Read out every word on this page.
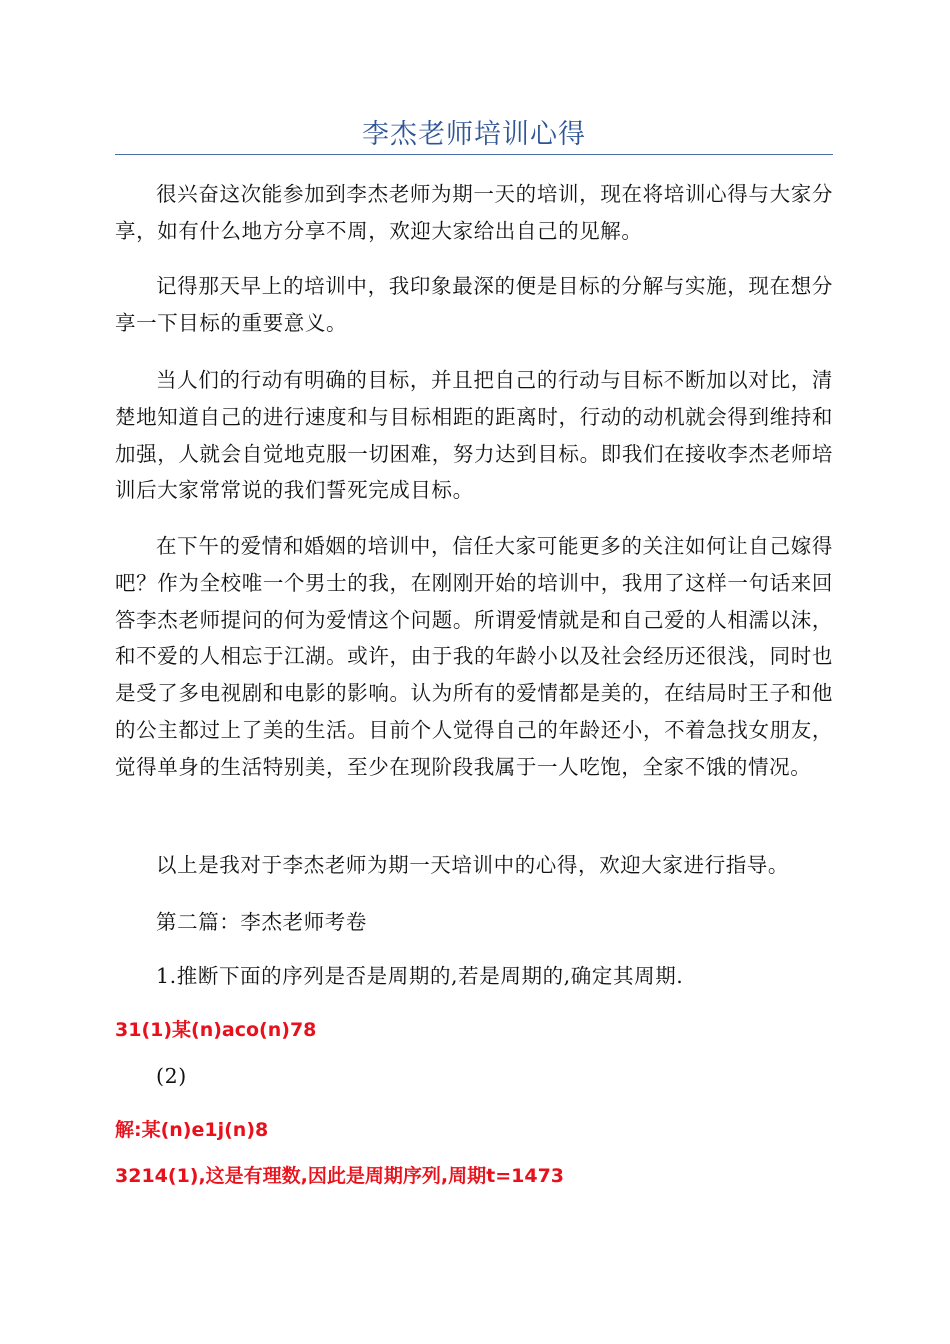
李杰老师培训心得

很兴奋这次能参加到李杰老师为期一天的培训，现在将培训心得与大家分享，如有什么地方分享不周，欢迎大家给出自己的见解。

记得那天早上的培训中，我印象最深的便是目标的分解与实施，现在想分享一下目标的重要意义。

当人们的行动有明确的目标，并且把自己的行动与目标不断加以对比，清楚地知道自己的进行速度和与目标相距的距离时，行动的动机就会得到维持和加强，人就会自觉地克服一切困难，努力达到目标。即我们在接收李杰老师培训后大家常常说的我们誓死完成目标。

在下午的爱情和婚姻的培训中，信任大家可能更多的关注如何让自己嫁得吧？作为全校唯一个男士的我，在刚刚开始的培训中，我用了这样一句话来回答李杰老师提问的何为爱情这个问题。所谓爱情就是和自己爱的人相濡以沫，和不爱的人相忘于江湖。或许，由于我的年龄小以及社会经历还很浅，同时也是受了多电视剧和电影的影响。认为所有的爱情都是美的，在结局时王子和他的公主都过上了美的生活。目前个人觉得自己的年龄还小，不着急找女朋友，觉得单身的生活特别美，至少在现阶段我属于一人吃饱，全家不饿的情况。

以上是我对于李杰老师为期一天培训中的心得，欢迎大家进行指导。

第二篇：李杰老师考卷

1.推断下面的序列是否是周期的,若是周期的,确定其周期.

31(1)某(n)aco(n)78

(2)

解:某(n)e1j(n)8

3214(1),这是有理数,因此是周期序列,周期t=1473
